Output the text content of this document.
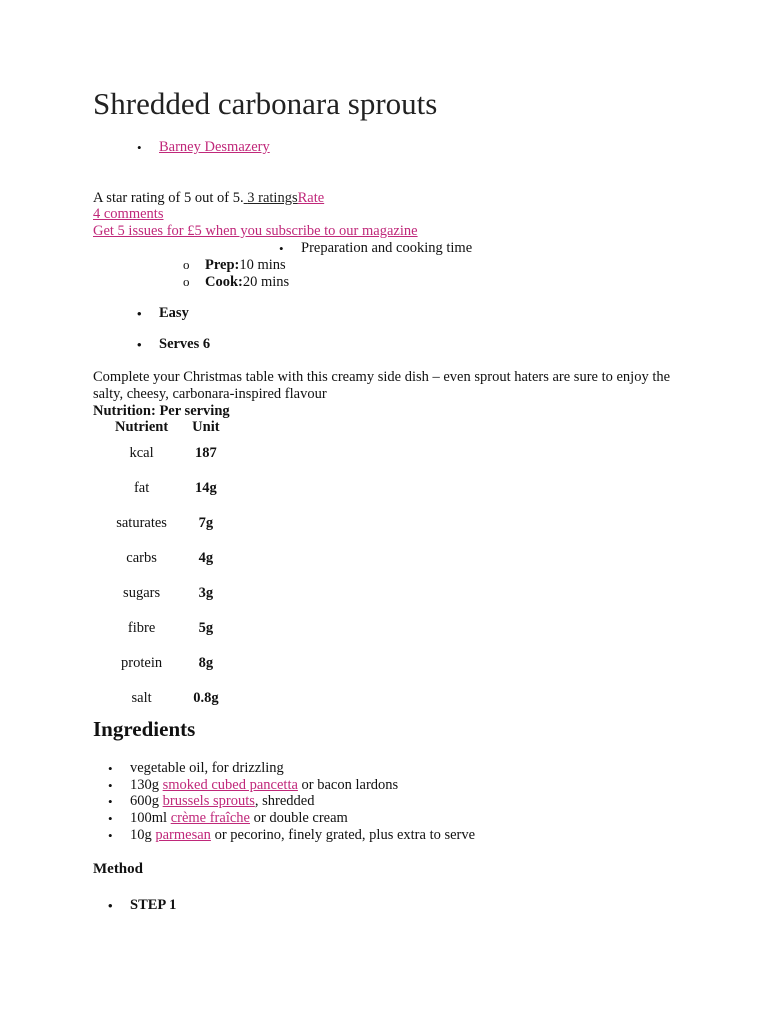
Shredded carbonara sprouts
• Barney Desmazery
A star rating of 5 out of 5. 3 ratingsRate
4 comments
Get 5 issues for £5 when you subscribe to our magazine
• Preparation and cooking time
o Prep:10 mins
o Cook:20 mins
• Easy
• Serves 6
Complete your Christmas table with this creamy side dish – even sprout haters are sure to enjoy the salty, cheesy, carbonara-inspired flavour
Nutrition: Per serving
Nutrient	Unit
kcal	187
fat	14g
saturates	7g
carbs	4g
sugars	3g
fibre	5g
protein	8g
salt	0.8g
Ingredients
• vegetable oil, for drizzling
• 130g smoked cubed pancetta or bacon lardons
• 600g brussels sprouts, shredded
• 100ml crème fraîche or double cream
• 10g parmesan or pecorino, finely grated, plus extra to serve
Method
• STEP 1
